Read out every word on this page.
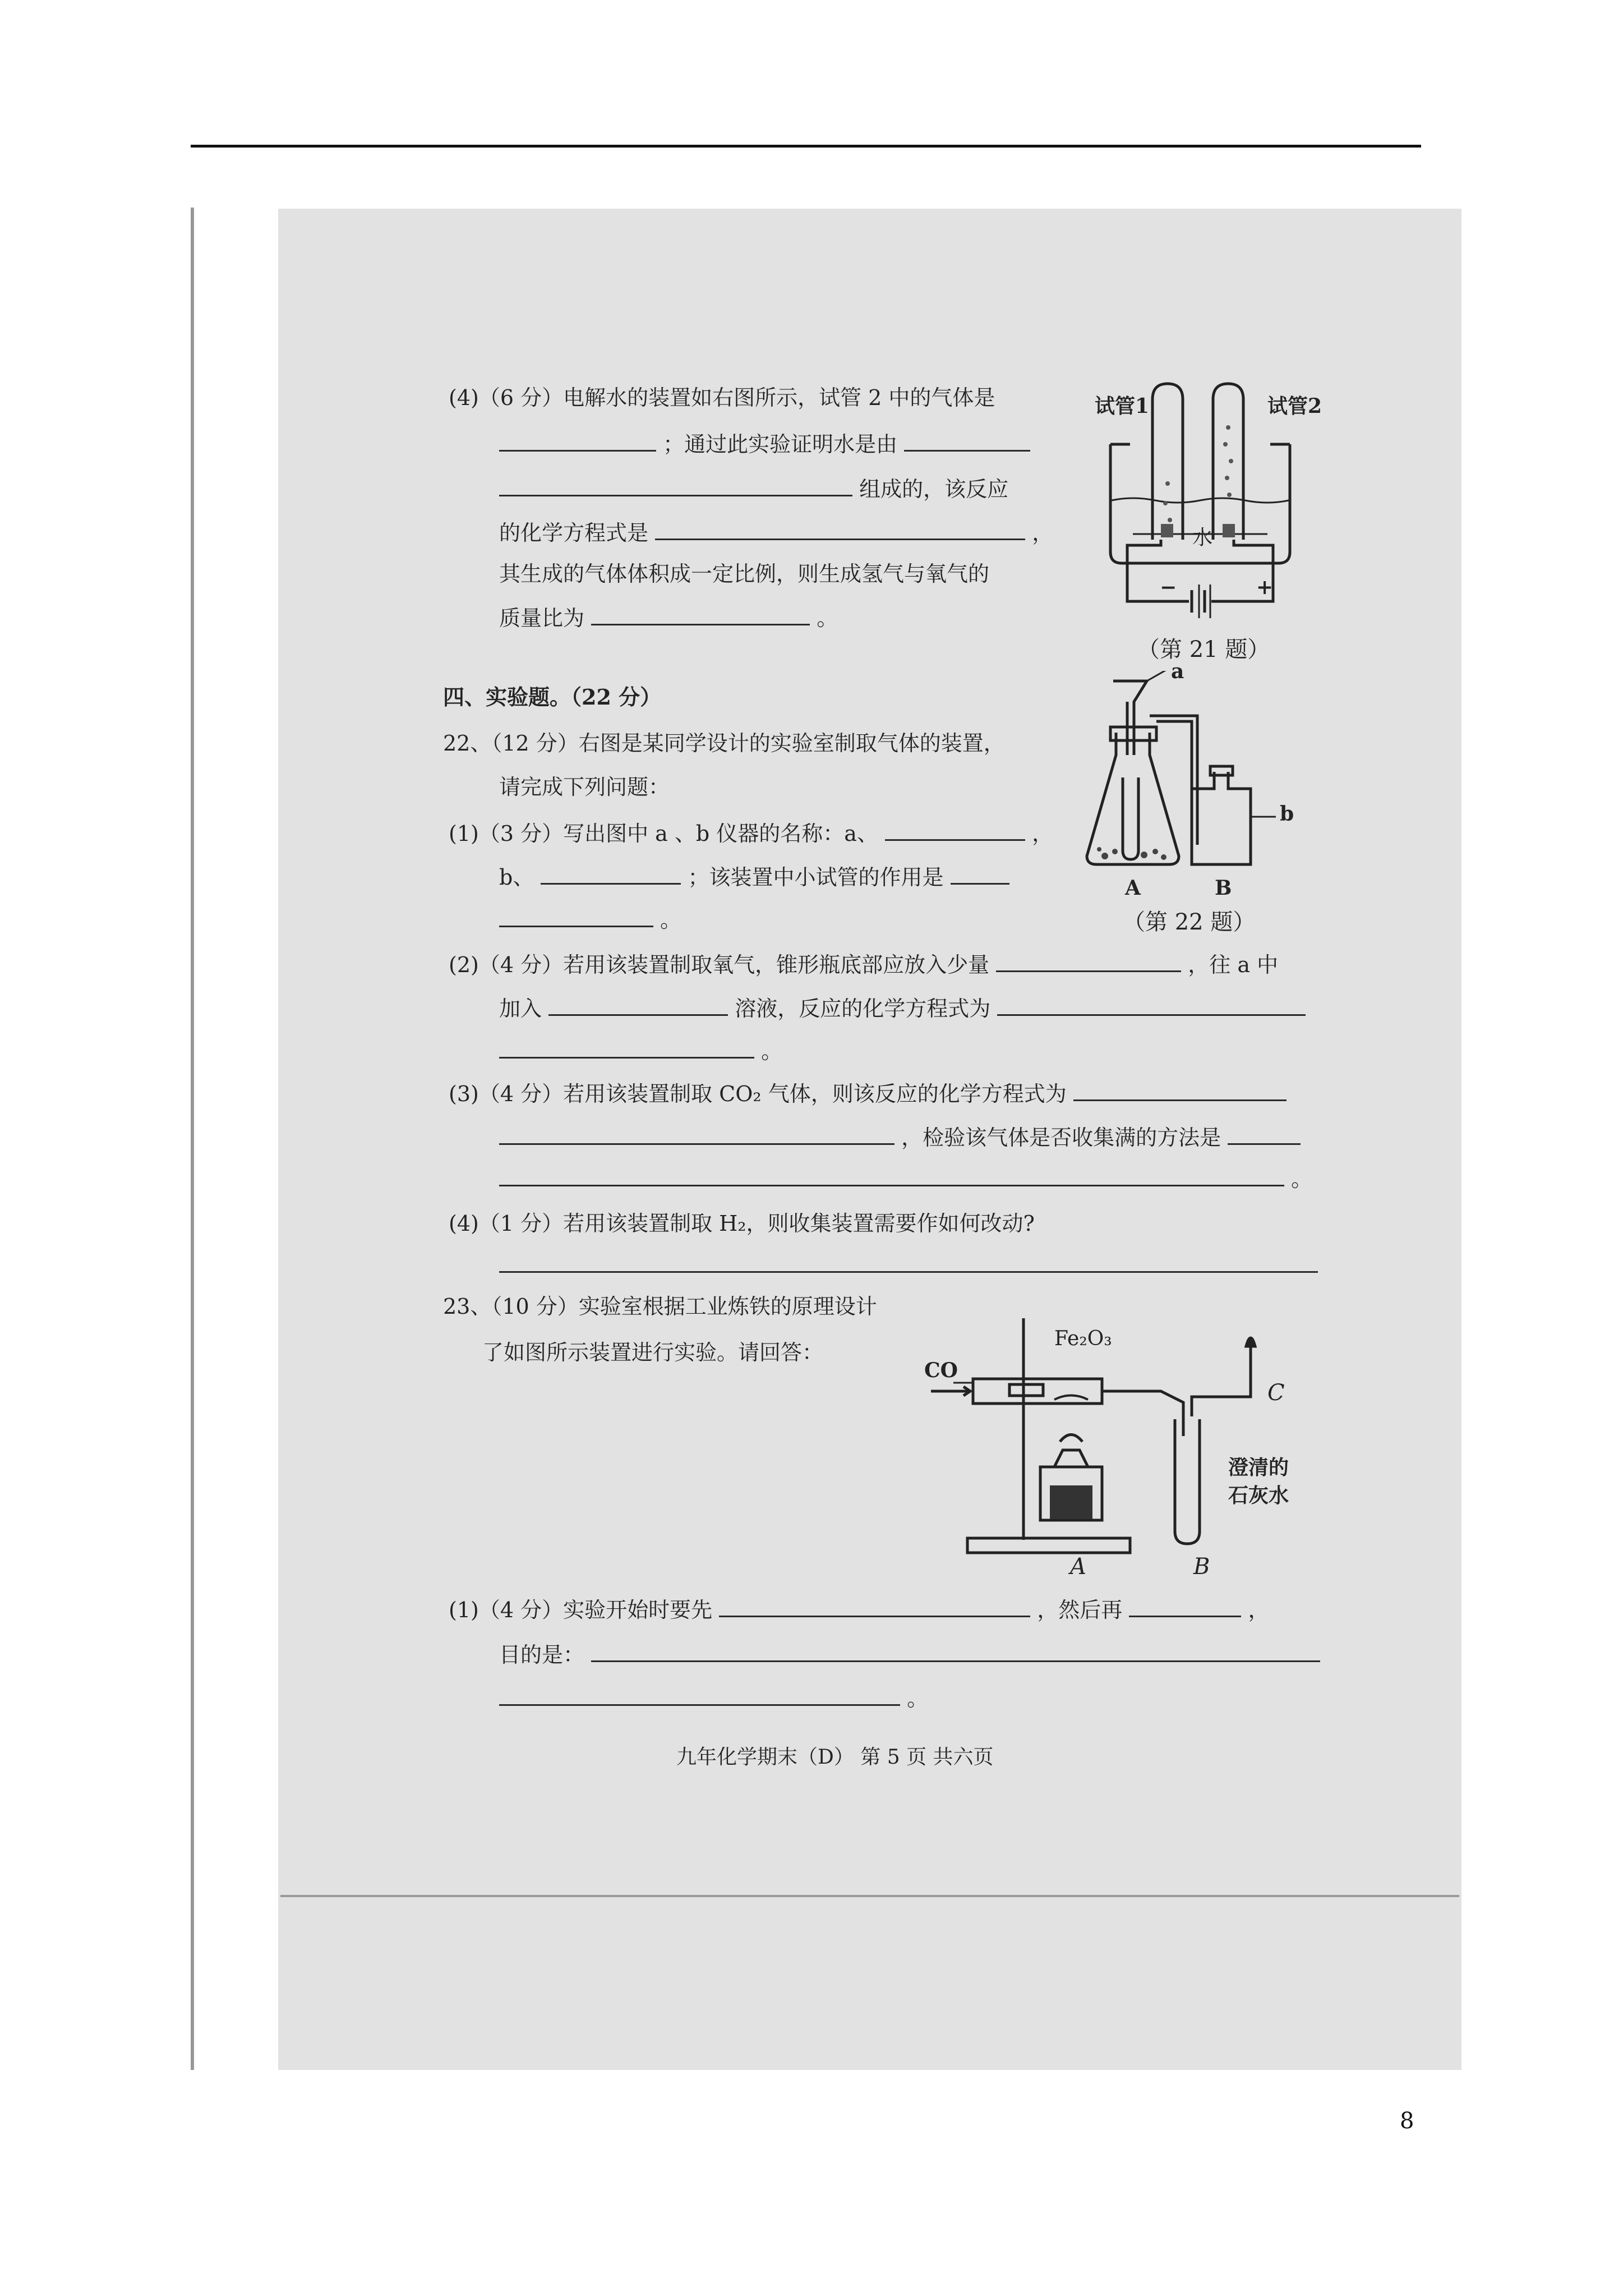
(4)（6 分）电解水的装置如右图所示，试管 2 中的气体是
；通过此实验证明水是由
组成的，该反应
的化学方程式是	，
其生成的气体体积成一定比例，则生成氢气与氧气的
质量比为	。
试管1	试管2
水
−	+
（第 21 题）
四、实验题。（22 分）
22、（12 分）右图是某同学设计的实验室制取气体的装置，
请完成下列问题：
(1)（3 分）写出图中 a 、b 仪器的名称：a、	，
b、	；该装置中小试管的作用是
。
(2)（4 分）若用该装置制取氧气，锥形瓶底部应放入少量	，往 a 中
加入	溶液，反应的化学方程式为
。
(3)（4 分）若用该装置制取 CO₂ 气体，则该反应的化学方程式为
，检验该气体是否收集满的方法是
。
(4)（1 分）若用该装置制取 H₂，则收集装置需要作如何改动?
a
b
A	B
（第 22 题）
23、（10 分）实验室根据工业炼铁的原理设计
了如图所示装置进行实验。请回答：
CO
Fe₂O₃
C
澄清的
石灰水
A	B
(1)（4 分）实验开始时要先	，然后再	，
目的是：
。
九年化学期末（D） 第 5 页 共六页
8
